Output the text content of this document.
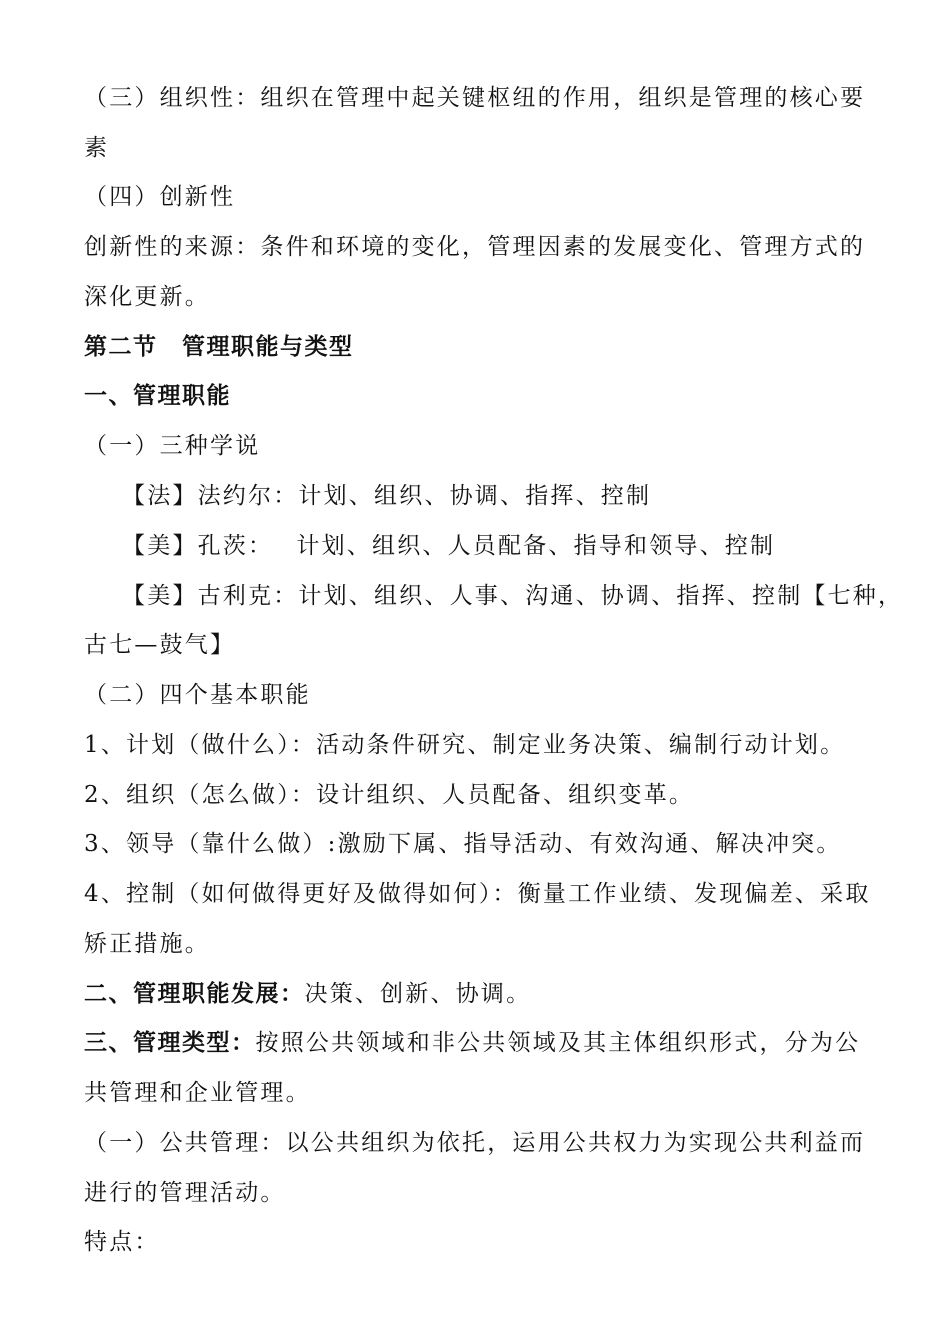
（三）组织性：组织在管理中起关键枢纽的作用，组织是管理的核心要
素
（四）创新性
创新性的来源：条件和环境的变化，管理因素的发展变化、管理方式的
深化更新。
第二节　管理职能与类型
一、管理职能
（一）三种学说
【法】法约尔：计划、组织、协调、指挥、控制
【美】孔茨：　 计划、组织、人员配备、指导和领导、控制
【美】古利克：计划、组织、人事、沟通、协调、指挥、控制【七种，
古七—鼓气】
（二）四个基本职能
1、计划（做什么）：活动条件研究、制定业务决策、编制行动计划。
2、组织（怎么做）：设计组织、人员配备、组织变革。
3、领导（靠什么做）:激励下属、指导活动、有效沟通、解决冲突。
4、控制（如何做得更好及做得如何）：衡量工作业绩、发现偏差、采取
矫正措施。
二、管理职能发展：决策、创新、协调。
三、管理类型：按照公共领域和非公共领域及其主体组织形式，分为公
共管理和企业管理。
（一）公共管理：以公共组织为依托，运用公共权力为实现公共利益而
进行的管理活动。
特点：
